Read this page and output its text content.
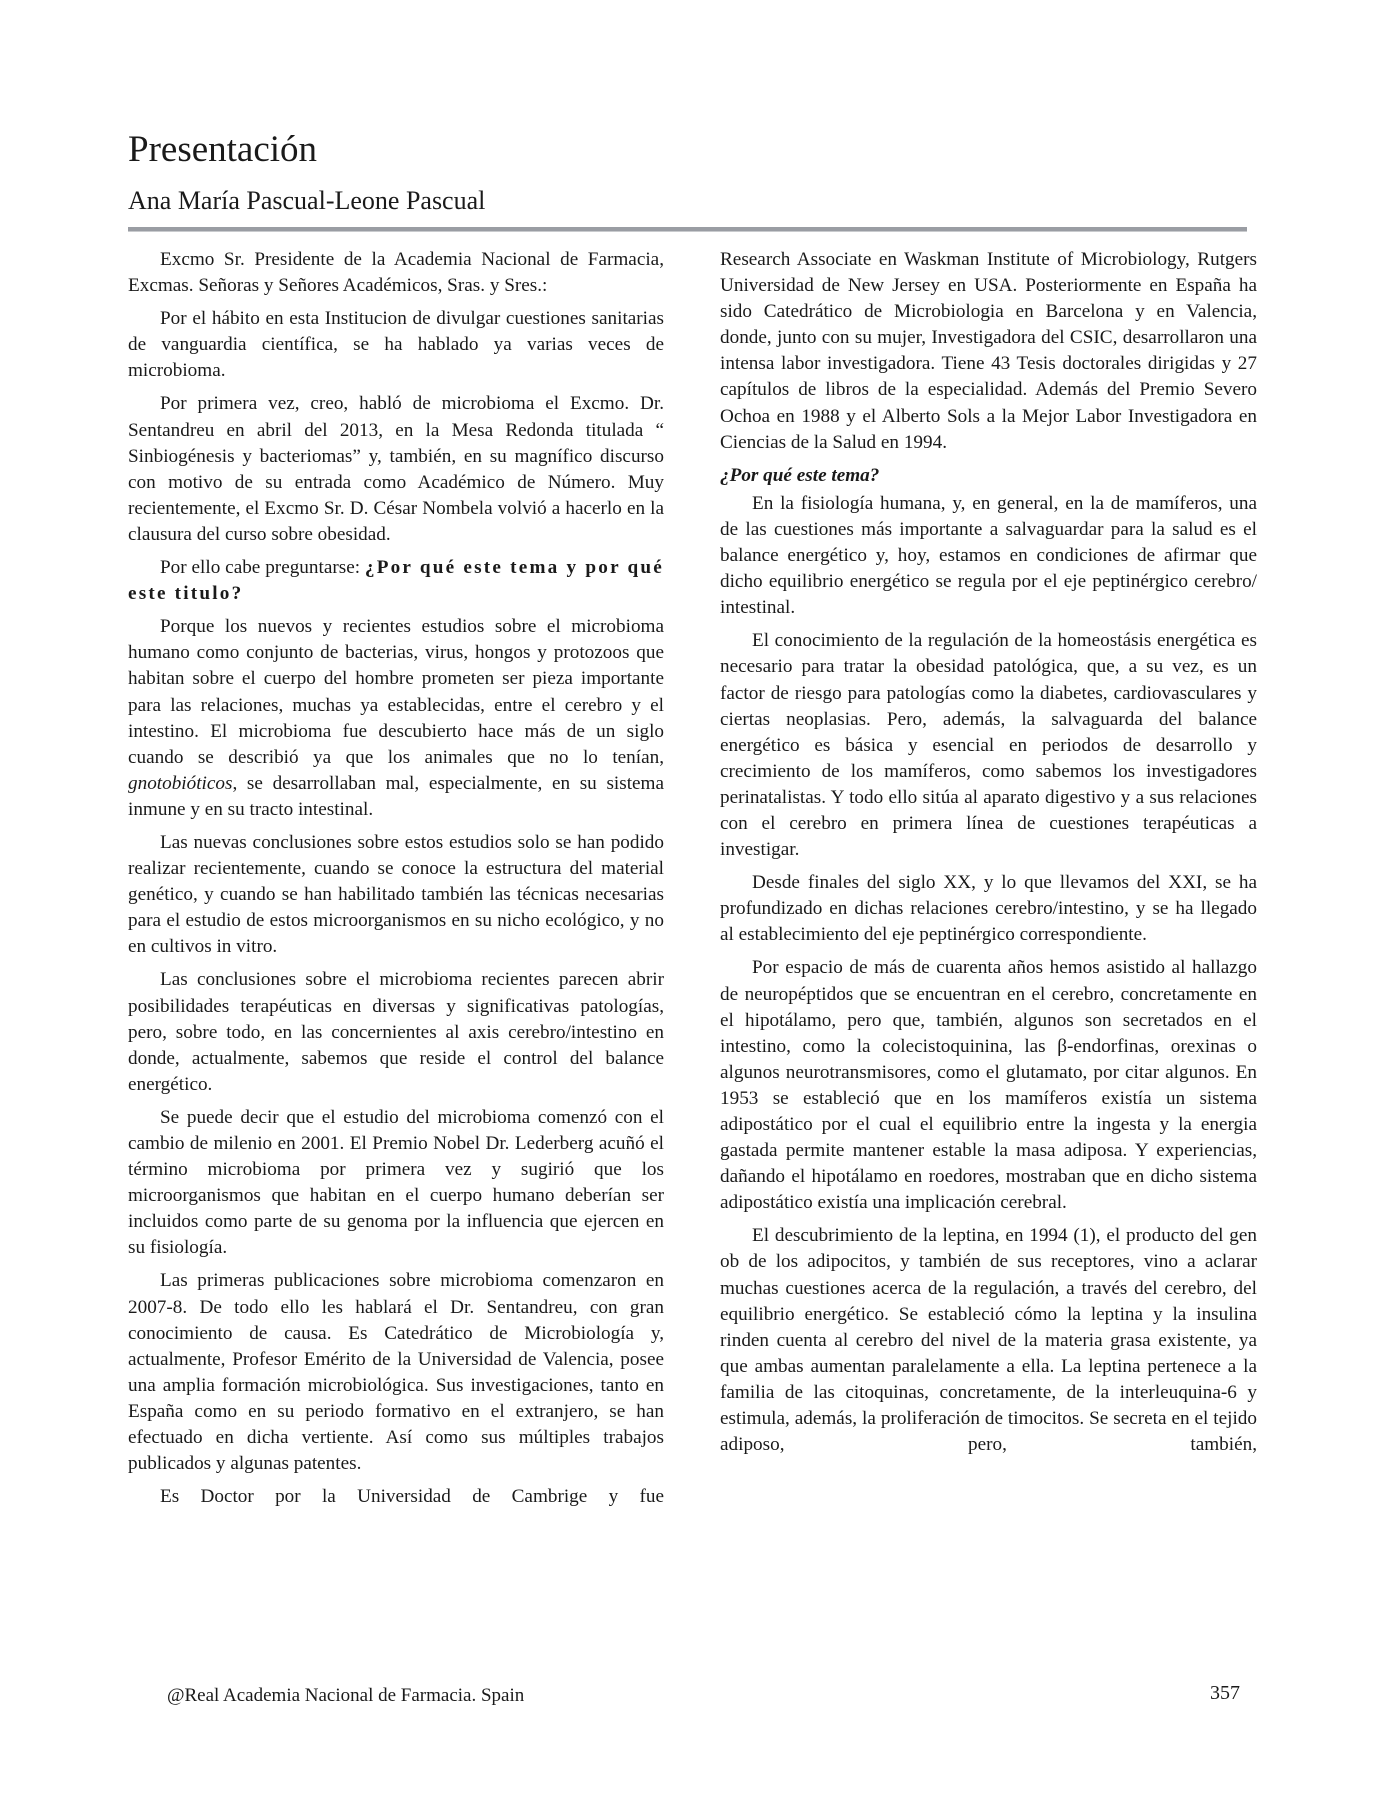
Presentación
Ana María Pascual-Leone Pascual

Excmo Sr. Presidente de la Academia Nacional de Farmacia, Excmas. Señoras y Señores Académicos, Sras. y Sres.:

Por el hábito en esta Institucion de divulgar cuestiones sanitarias de vanguardia científica, se ha hablado ya varias veces de microbioma.

Por primera vez, creo, habló de microbioma el Excmo. Dr. Sentandreu en abril del 2013, en la Mesa Redonda titulada “ Sinbiogénesis y bacteriomas” y, también, en su magnífico discurso con motivo de su entrada como Académico de Número. Muy recientemente, el Excmo Sr. D. César Nombela volvió a hacerlo en la clausura del curso sobre obesidad.

Por ello cabe preguntarse: ¿Por qué este tema y por qué este titulo?

Porque los nuevos y recientes estudios sobre el microbioma humano como conjunto de bacterias, virus, hongos y protozoos que habitan sobre el cuerpo del hombre prometen ser pieza importante para las relaciones, muchas ya establecidas, entre el cerebro y el intestino. El microbioma fue descubierto hace más de un siglo cuando se describió ya que los animales que no lo tenían, gnotobióticos, se desarrollaban mal, especialmente, en su sistema inmune y en su tracto intestinal.

Las nuevas conclusiones sobre estos estudios solo se han podido realizar recientemente, cuando se conoce la estructura del material genético, y cuando se han habilitado también las técnicas necesarias para el estudio de estos microorganismos en su nicho ecológico, y no en cultivos in vitro.

Las conclusiones sobre el microbioma recientes parecen abrir posibilidades terapéuticas en diversas y significativas patologías, pero, sobre todo, en las concernientes al axis cerebro/intestino en donde, actualmente, sabemos que reside el control del balance energético.

Se puede decir que el estudio del microbioma comenzó con el cambio de milenio en 2001. El Premio Nobel Dr. Lederberg acuñó el término microbioma por primera vez y sugirió que los microorganismos que habitan en el cuerpo humano deberían ser incluidos como parte de su genoma por la influencia que ejercen en su fisiología.

Las primeras publicaciones sobre microbioma comenzaron en 2007-8. De todo ello les hablará el Dr. Sentandreu, con gran conocimiento de causa. Es Catedrático de Microbiología y, actualmente, Profesor Emérito de la Universidad de Valencia, posee una amplia formación microbiológica. Sus investigaciones, tanto en España como en su periodo formativo en el extranjero, se han efectuado en dicha vertiente. Así como sus múltiples trabajos publicados y algunas patentes.

Es Doctor por la Universidad de Cambrige y fue

Research Associate en Waskman Institute of Microbiology, Rutgers Universidad de New Jersey en USA. Posteriormente en España ha sido Catedrático de Microbiologia en Barcelona y en Valencia, donde, junto con su mujer, Investigadora del CSIC, desarrollaron una intensa labor investigadora. Tiene 43 Tesis doctorales dirigidas y 27 capítulos de libros de la especialidad. Además del Premio Severo Ochoa en 1988 y el Alberto Sols a la Mejor Labor Investigadora en Ciencias de la Salud en 1994.

¿Por qué este tema?

En la fisiología humana, y, en general, en la de mamíferos, una de las cuestiones más importante a salvaguardar para la salud es el balance energético y, hoy, estamos en condiciones de afirmar que dicho equilibrio energético se regula por el eje peptinérgico cerebro/ intestinal.

El conocimiento de la regulación de la homeostásis energética es necesario para tratar la obesidad patológica, que, a su vez, es un factor de riesgo para patologías como la diabetes, cardiovasculares y ciertas neoplasias. Pero, además, la salvaguarda del balance energético es básica y esencial en periodos de desarrollo y crecimiento de los mamíferos, como sabemos los investigadores perinatalistas. Y todo ello sitúa al aparato digestivo y a sus relaciones con el cerebro en primera línea de cuestiones terapéuticas a investigar.

Desde finales del siglo XX, y lo que llevamos del XXI, se ha profundizado en dichas relaciones cerebro/intestino, y se ha llegado al establecimiento del eje peptinérgico correspondiente.

Por espacio de más de cuarenta años hemos asistido al hallazgo de neuropéptidos que se encuentran en el cerebro, concretamente en el hipotálamo, pero que, también, algunos son secretados en el intestino, como la colecistoquinina, las β-endorfinas, orexinas o algunos neurotransmisores, como el glutamato, por citar algunos. En 1953 se estableció que en los mamíferos existía un sistema adipostático por el cual el equilibrio entre la ingesta y la energia gastada permite mantener estable la masa adiposa. Y experiencias, dañando el hipotálamo en roedores, mostraban que en dicho sistema adipostático existía una implicación cerebral.

El descubrimiento de la leptina, en 1994 (1), el producto del gen ob de los adipocitos, y también de sus receptores, vino a aclarar muchas cuestiones acerca de la regulación, a través del cerebro, del equilibrio energético. Se estableció cómo la leptina y la insulina rinden cuenta al cerebro del nivel de la materia grasa existente, ya que ambas aumentan paralelamente a ella. La leptina pertenece a la familia de las citoquinas, concretamente, de la interleuquina-6 y estimula, además, la proliferación de timocitos. Se secreta en el tejido adiposo, pero, también,

@Real Academia Nacional de Farmacia. Spain	357
